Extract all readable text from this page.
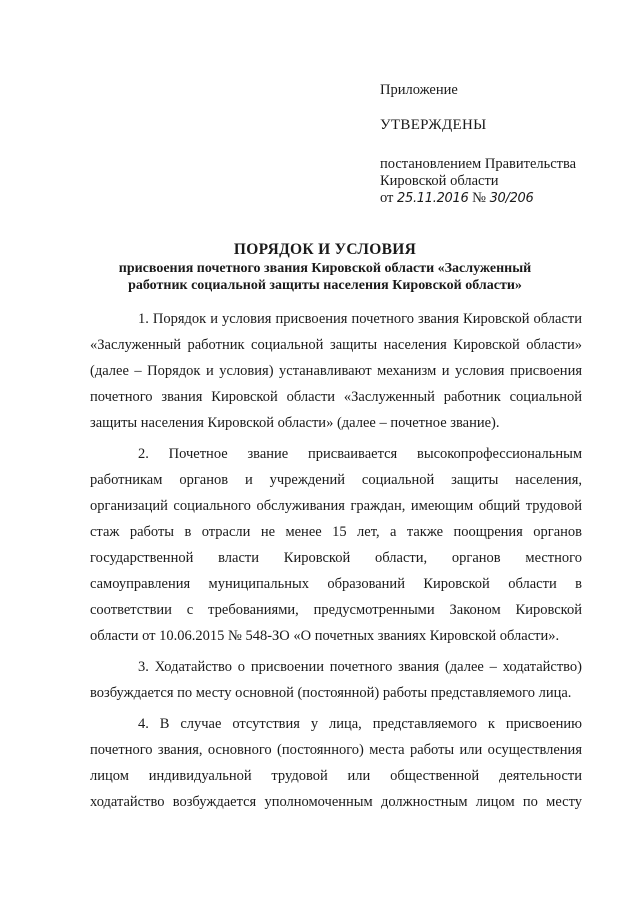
Приложение
УТВЕРЖДЕНЫ
постановлением Правительства
Кировской области
от 25.11.2016 № 30/206
ПОРЯДОК И УСЛОВИЯ
присвоения почетного звания Кировской области «Заслуженный
работник социальной защиты населения Кировской области»

1. Порядок и условия присвоения почетного звания Кировской области
«Заслуженный работник социальной защиты населения Кировской области»
(далее – Порядок и условия) устанавливают механизм и условия присвоения
почетного звания Кировской области «Заслуженный работник социальной
защиты населения Кировской области» (далее – почетное звание).

2. Почетное звание присваивается высокопрофессиональным
работникам органов и учреждений социальной защиты населения,
организаций социального обслуживания граждан, имеющим общий трудовой
стаж работы в отрасли не менее 15 лет, а также поощрения органов
государственной власти Кировской области, органов местного
самоуправления муниципальных образований Кировской области в
соответствии с требованиями, предусмотренными Законом Кировской
области от 10.06.2015 № 548-ЗО «О почетных званиях Кировской области».

3. Ходатайство о присвоении почетного звания (далее – ходатайство)
возбуждается по месту основной (постоянной) работы представляемого лица.

4. В случае отсутствия у лица, представляемого к присвоению
почетного звания, основного (постоянного) места работы или осуществления
лицом индивидуальной трудовой или общественной деятельности
ходатайство возбуждается уполномоченным должностным лицом по месту
